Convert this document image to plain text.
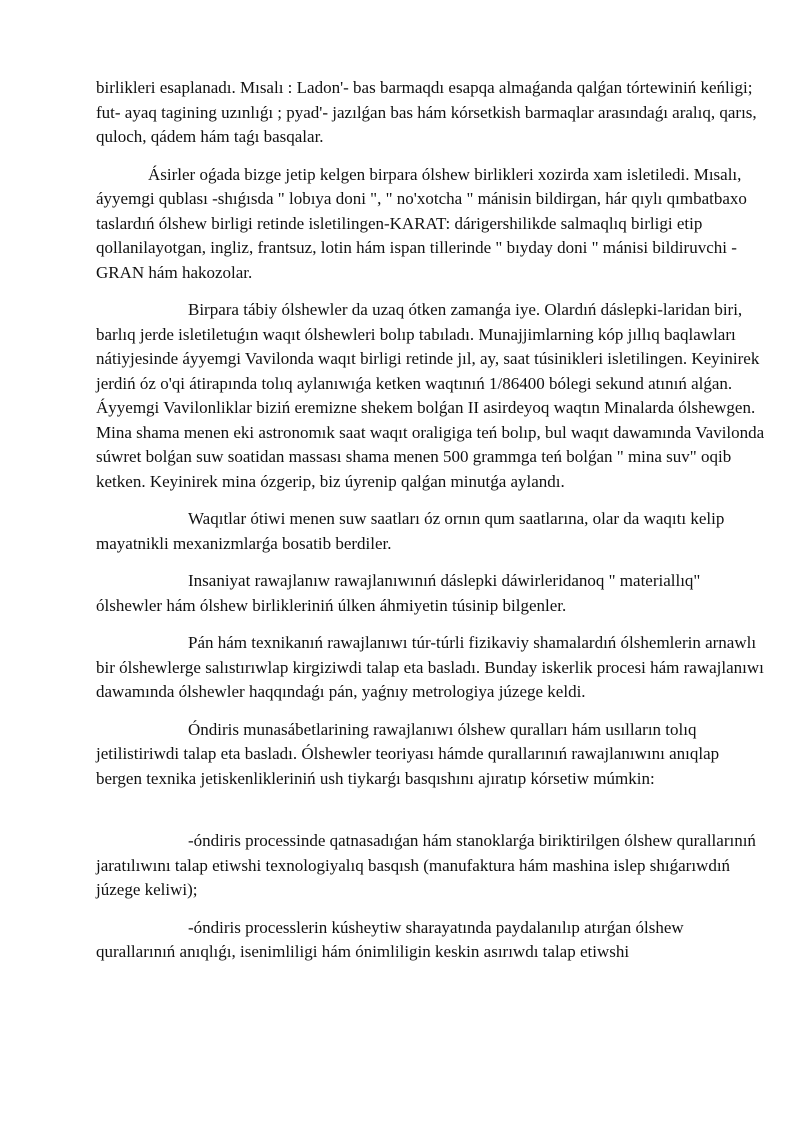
birlikleri esaplanadı. Mısalı : Ladon'- bas barmaqdı esapqa almaǵanda qalǵan tórtewiniń keńligi; fut- ayaq tagining uzınlıǵı ; pyad'- jazılǵan bas hám kórsetkish barmaqlar arasındaǵı aralıq, qarıs, quloch, qádem hám taǵı basqalar.

Ásirler oǵada bizge jetip kelgen birpara ólshew birlikleri xozirda xam isletiledi. Mısalı, áyyemgi qublası -shıǵısda " lobıya doni ", " no'xotcha " mánisin bildirgan, hár qıylı qımbatbaxo taslardıń ólshew birligi retinde isletilingen-KARAT: dárigershilikde salmaqlıq birligi etip qollanilayotgan, ingliz, frantsuz, lotin hám ispan tillerinde " bıyday doni " mánisi bildiruvchi -GRAN hám hakozolar.

Birpara tábiy ólshewler da uzaq ótken zamanǵa iye. Olardıń dáslepki-laridan biri, barlıq jerde isletiletuǵın waqıt ólshewleri bolıp tabıladı. Munajjimlarning kóp jıllıq baqlawları nátiyjesinde áyyemgi Vavilonda waqıt birligi retinde jıl, ay, saat túsinikleri isletilingen. Keyinirek jerdiń óz o'qi átirapında tolıq aylanıwıǵa ketken waqtınıń 1/86400 bólegi sekund atınıń alǵan. Áyyemgi Vavilonliklar biziń eremizne shekem bolǵan II asirdeyoq waqtın Minalarda ólshewgen. Mina shama menen eki astronomık saat waqıt oraligiga teń bolıp, bul waqıt dawamında Vavilonda súwret bolǵan suw soatidan massası shama menen 500 grammga teń bolǵan " mina suv" oqib ketken. Keyinirek mina ózgerip, biz úyrenip qalǵan minutǵa aylandı.

Waqıtlar ótiwi menen suw saatları óz ornın qum saatlarına, olar da waqıtı kelip mayatnikli mexanizmlarǵa bosatib berdiler.

Insaniyat rawajlanıw rawajlanıwınıń dáslepki dáwirleridanoq " materiallıq" ólshewler hám ólshew birlikleriniń úlken áhmiyetin túsinip bilgenler.

Pán hám texnikanıń rawajlanıwı túr-túrli fizikaviy shamalardıń ólshemlerin arnawlı bir ólshewlerge salıstırıwlap kirgiziwdi talap eta basladı. Bunday iskerlik procesi hám rawajlanıwı dawamında ólshewler haqqındaǵı pán, yaǵnıy metrologiya júzege keldi.

Óndiris munasábetlarining rawajlanıwı ólshew quralları hám usılların tolıq jetilistiriwdi talap eta basladı. Ólshewler teoriyası hámde qurallarınıń rawajlanıwını anıqlap bergen texnika jetiskenlikleriniń ush tiykarǵı basqıshını ajıratıp kórsetiw múmkin:

-óndiris processinde qatnasadıǵan hám stanoklarǵa biriktirilgen ólshew qurallarınıń jaratılıwını talap etiwshi texnologiyalıq basqısh (manufaktura hám mashina islep shıǵarıwdıń júzege keliwi);

-óndiris processlerin kúsheytiw sharayatında paydalanılıp atırǵan ólshew qurallarınıń anıqlıǵı, isenimliligi hám ónimliligin keskin asırıwdı talap etiwshi
